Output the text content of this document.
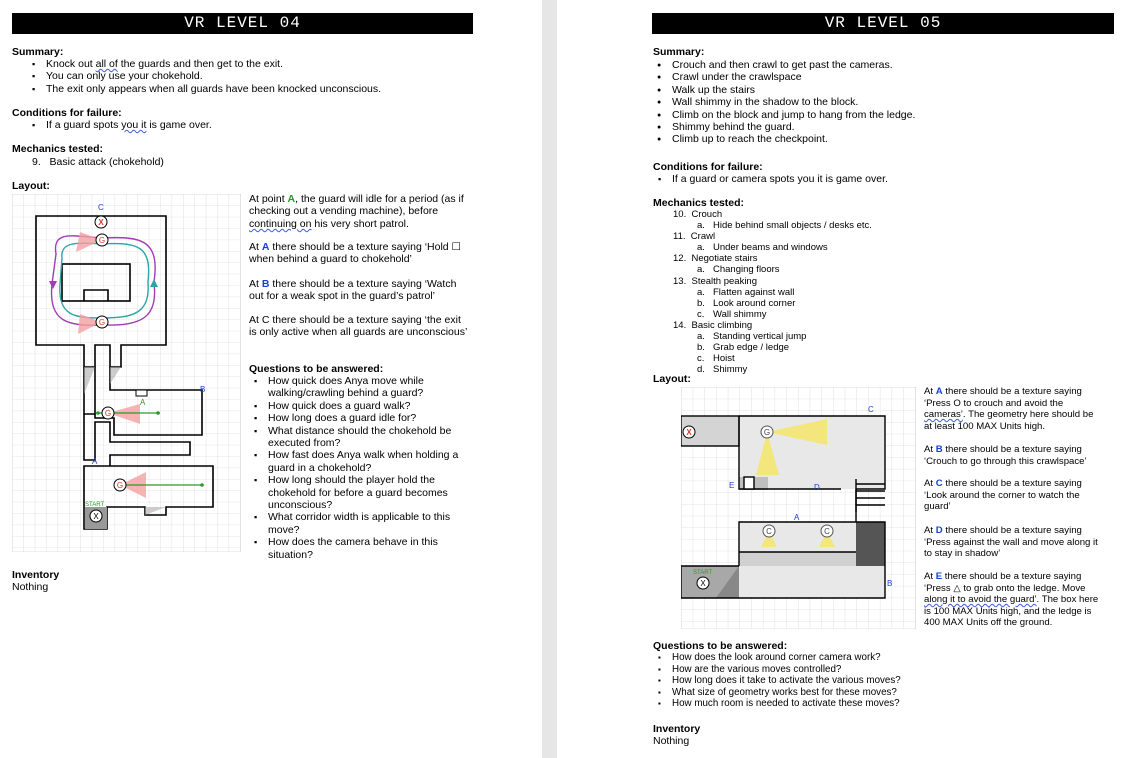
VR LEVEL 04
Summary:
▪ Knock out all of the guards and then get to the exit.
▪ You can only use your chokehold.
▪ The exit only appears when all guards have been knocked unconscious.
Conditions for failure:
▪ If a guard spots you it is game over.
Mechanics tested:
9. Basic attack (chokehold)
Layout:
G
G
G
G
X
X
C
B
A
A
START
At point A, the guard will idle for a period (as if
checking out a vending machine), before
continuing on his very short patrol.
At A there should be a texture saying ‘Hold ☐
when behind a guard to chokehold’
At B there should be a texture saying ‘Watch
out for a weak spot in the guard’s patrol’
At C there should be a texture saying ‘the exit
is only active when all guards are unconscious’
Questions to be answered:
▪ How quick does Anya move while
walking/crawling behind a guard?
▪ How quick does a guard walk?
▪ How long does a guard idle for?
▪ What distance should the chokehold be
executed from?
▪ How fast does Anya walk when holding a
guard in a chokehold?
▪ How long should the player hold the
chokehold for before a guard becomes
unconscious?
▪ What corridor width is applicable to this
move?
▪ How does the camera behave in this
situation?
Inventory
Nothing
VR LEVEL 05
Summary:
● Crouch and then crawl to get past the cameras.
● Crawl under the crawlspace
● Walk up the stairs
● Wall shimmy in the shadow to the block.
● Climb on the block and jump to hang from the ledge.
● Shimmy behind the guard.
● Climb up to reach the checkpoint.
Conditions for failure:
▪ If a guard or camera spots you it is game over.
Mechanics tested:
10. Crouch
a. Hide behind small objects / desks etc.
11. Crawl
a. Under beams and windows
12. Negotiate stairs
a. Changing floors
13. Stealth peaking
a. Flatten against wall
b. Look around corner
c. Wall shimmy
14. Basic climbing
a. Standing vertical jump
b. Grab edge / ledge
c. Hoist
d. Shimmy
Layout:
G
C	C
X
X
C
E	D
A
B
START
At A there should be a texture saying
‘Press O to crouch and avoid the
cameras’. The geometry here should be
at least 100 MAX Units high.
At B there should be a texture saying
‘Crouch to go through this crawlspace’
At C there should be a texture saying
‘Look around the corner to watch the
guard’
At D there should be a texture saying
‘Press against the wall and move along it
to stay in shadow’
At E there should be a texture saying
‘Press △ to grab onto the ledge. Move
along it to avoid the guard’. The box here
is 100 MAX Units high, and the ledge is
400 MAX Units off the ground.
Questions to be answered:
▪ How does the look around corner camera work?
▪ How are the various moves controlled?
▪ How long does it take to activate the various moves?
▪ What size of geometry works best for these moves?
▪ How much room is needed to activate these moves?
Inventory
Nothing
